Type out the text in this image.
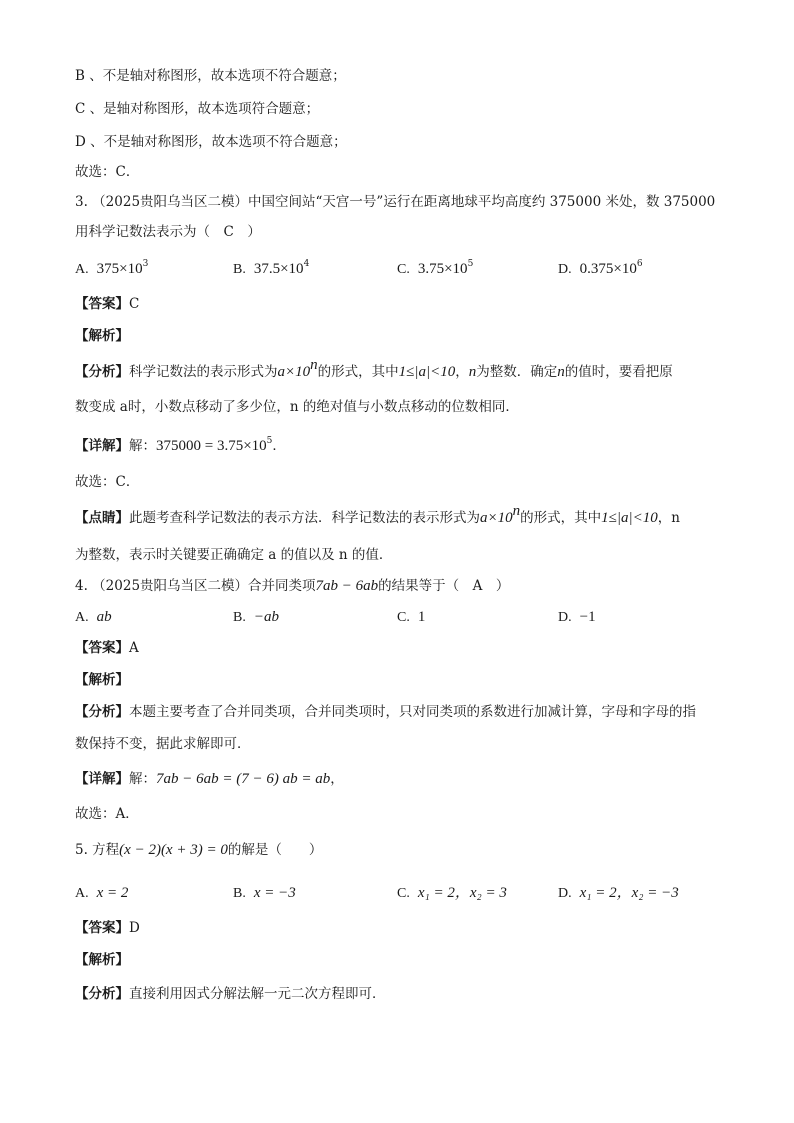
B 、不是轴对称图形，故本选项不符合题意；
C 、是轴对称图形，故本选项符合题意；
D 、不是轴对称图形，故本选项不符合题意；
故选：C．
3. （2025贵阳乌当区二模）中国空间站“天宫一号”运行在距离地球平均高度约 375000 米处，数 375000
用科学记数法表示为（　C　）
A. $375\times 10^3$	B. $37.5\times 10^4$	C. $3.75\times 10^5$	D. $0.375\times 10^6$
【答案】C
【解析】
【分析】科学记数法的表示形式为$a\times 10^n$的形式，其中1≤|a|<10，n为整数．确定n的值时，要看把原
数变成 a时，小数点移动了多少位，n 的绝对值与小数点移动的位数相同．
【详解】解：$375000 = 3.75\times 10^5$．
故选：C．
【点睛】此题考查科学记数法的表示方法．科学记数法的表示形式为$a\times 10^n$的形式，其中1≤|a|<10，n
为整数，表示时关键要正确确定 a 的值以及 n 的值．
4. （2025贵阳乌当区二模）合并同类项7ab − 6ab的结果等于（　A　）
A. ab	B. −ab	C. 1	D. −1
【答案】A
【解析】
【分析】本题主要考查了合并同类项，合并同类项时，只对同类项的系数进行加减计算，字母和字母的指
数保持不变，据此求解即可．
【详解】解：7ab − 6ab = (7 − 6) ab = ab，
故选：A．
5. 方程(x − 2)(x + 3) = 0的解是（　　）
A. x = 2	B. x = −3	C. x₁ = 2，x₂ = 3	D. x₁ = 2，x₂ = −3
【答案】D
【解析】
【分析】直接利用因式分解法解一元二次方程即可．
